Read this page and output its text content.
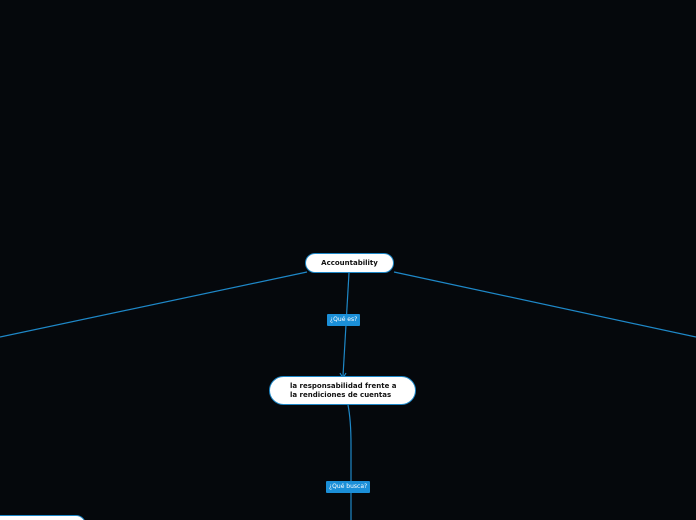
Accountability
¿Qué es?
la responsabilidad frente a
la rendiciones de cuentas
¿Qué busca?
